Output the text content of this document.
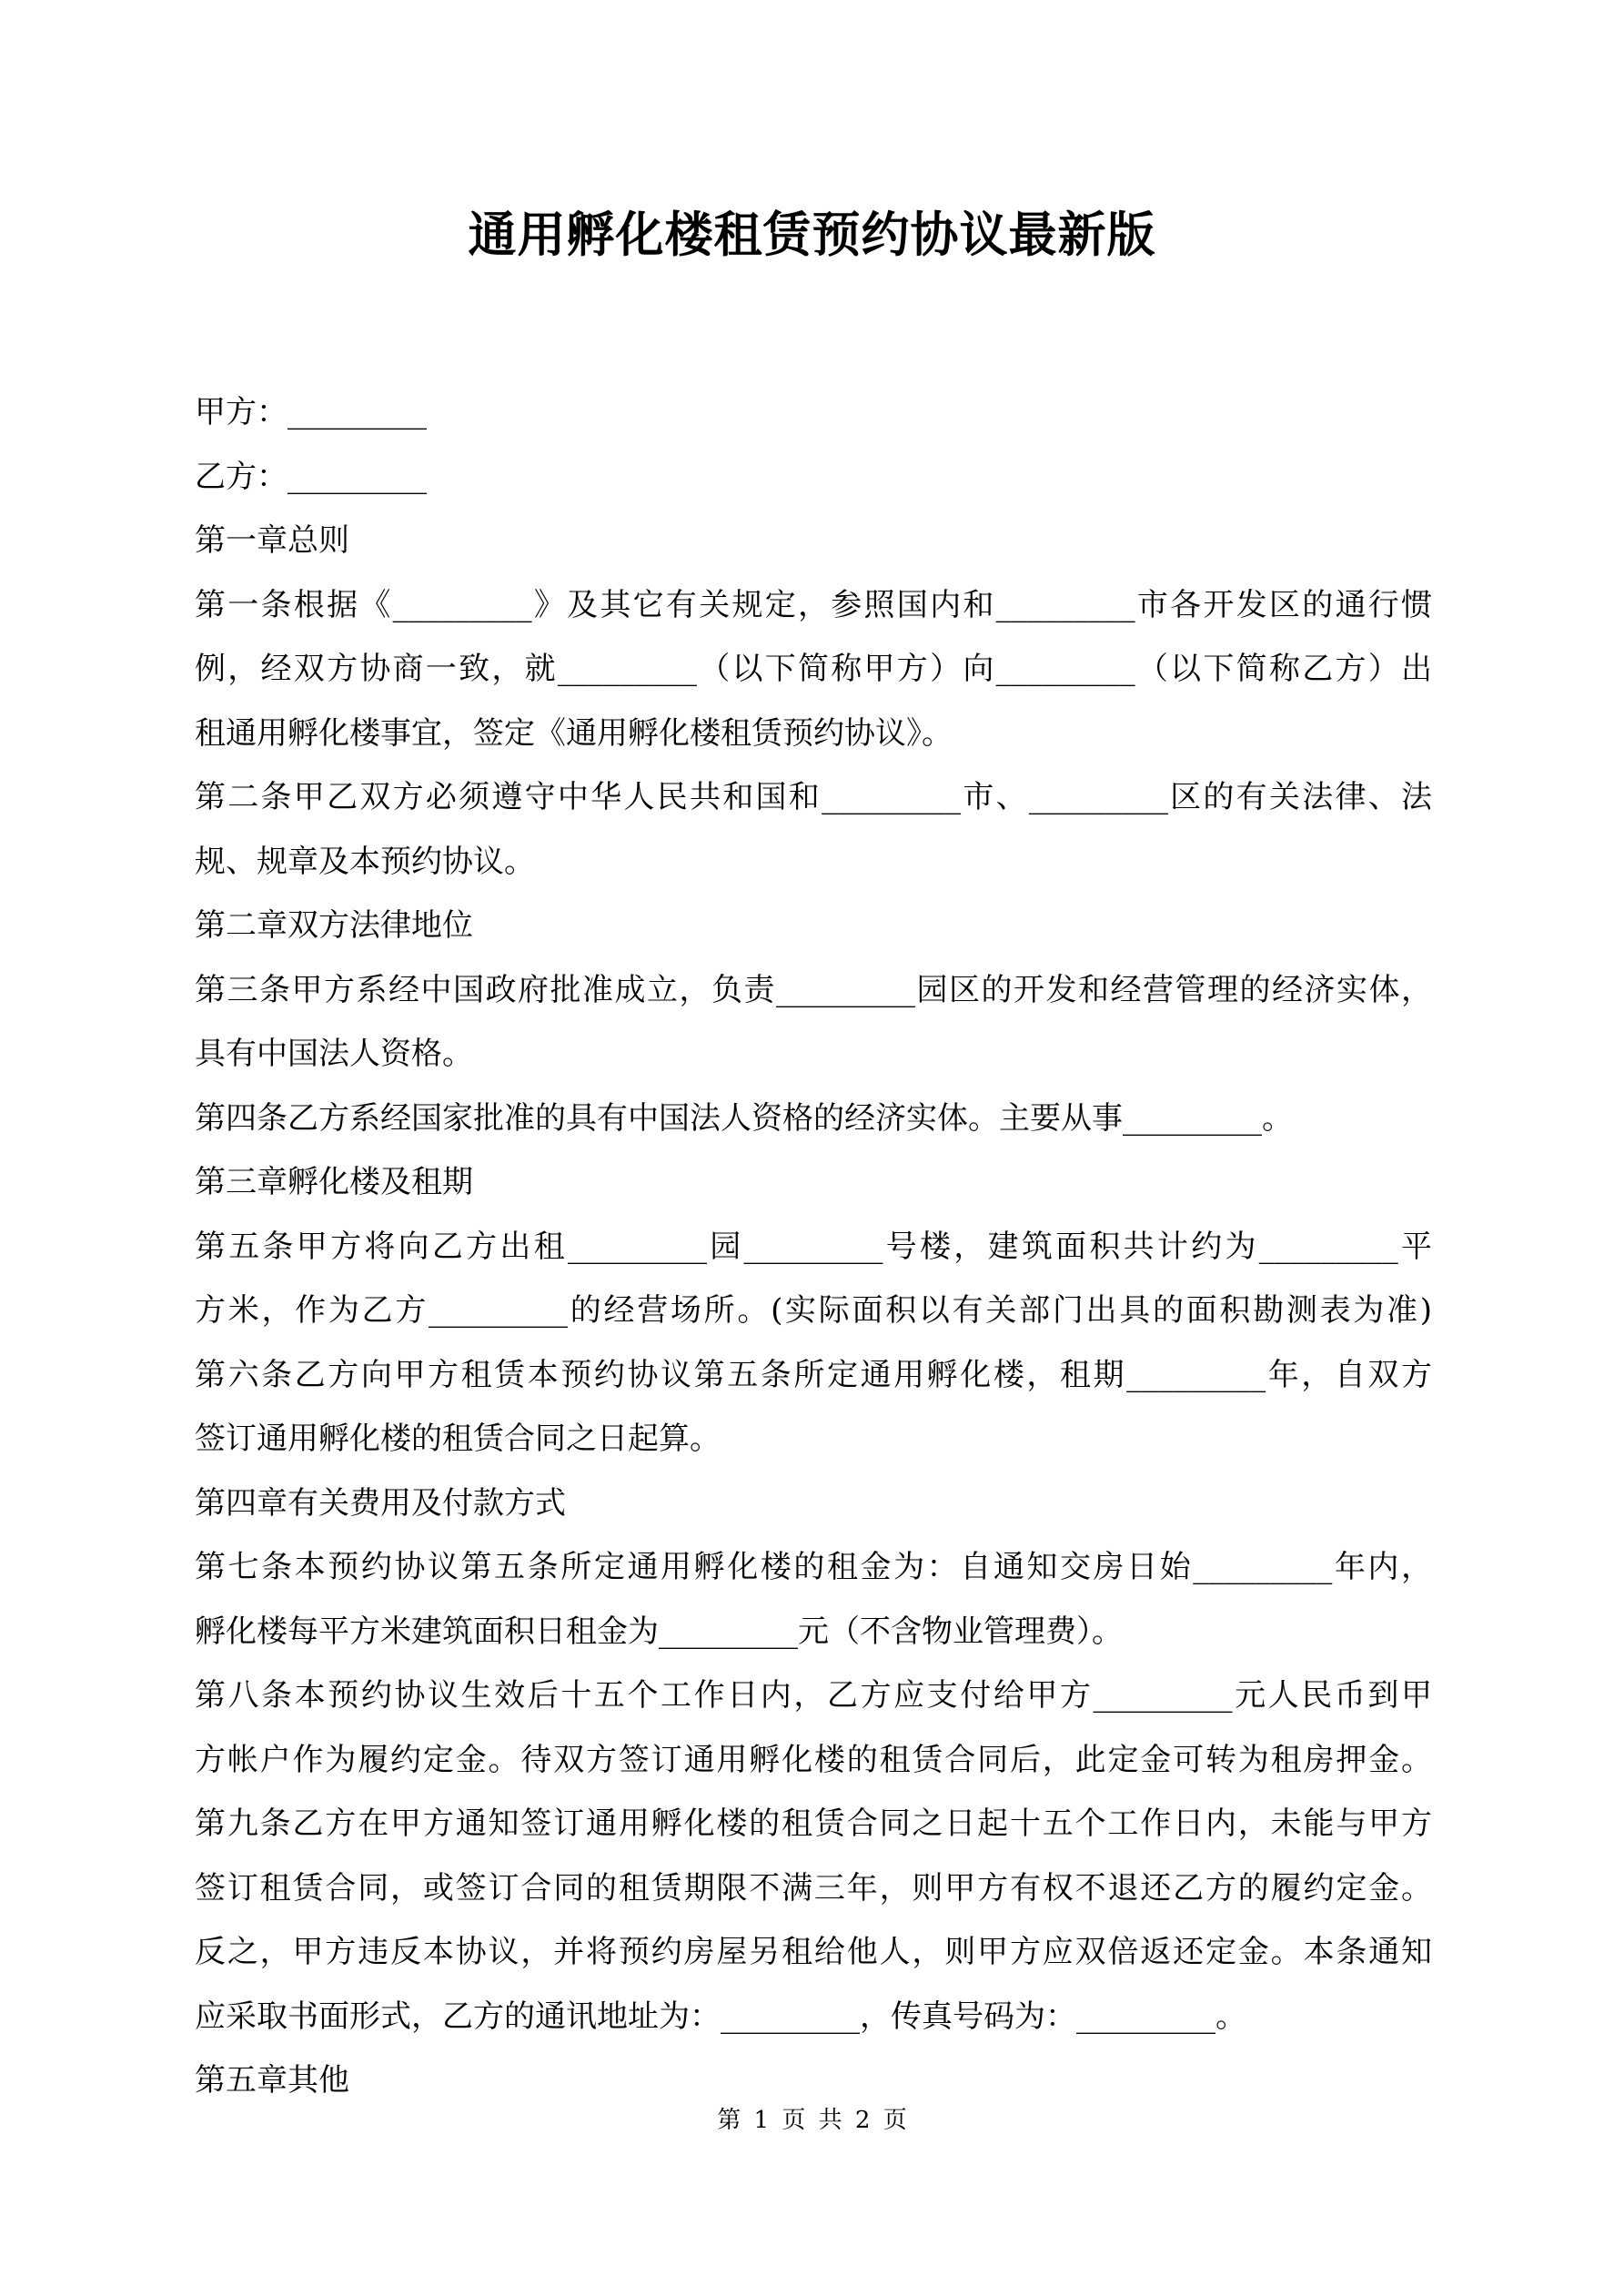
通用孵化楼租赁预约协议最新版
甲方：_________
乙方：_________
第一章总则
第一条根据《_________》及其它有关规定，参照国内和_________市各开发区的通行惯
例，经双方协商一致，就_________（以下简称甲方）向_________（以下简称乙方）出
租通用孵化楼事宜，签定《通用孵化楼租赁预约协议》。
第二条甲乙双方必须遵守中华人民共和国和_________市、_________区的有关法律、法
规、规章及本预约协议。
第二章双方法律地位
第三条甲方系经中国政府批准成立，负责_________园区的开发和经营管理的经济实体，
具有中国法人资格。
第四条乙方系经国家批准的具有中国法人资格的经济实体。主要从事_________。
第三章孵化楼及租期
第五条甲方将向乙方出租_________园_________号楼，建筑面积共计约为_________平
方米，作为乙方_________的经营场所。(实际面积以有关部门出具的面积勘测表为准)
第六条乙方向甲方租赁本预约协议第五条所定通用孵化楼，租期_________年，自双方
签订通用孵化楼的租赁合同之日起算。
第四章有关费用及付款方式
第七条本预约协议第五条所定通用孵化楼的租金为：自通知交房日始_________年内，
孵化楼每平方米建筑面积日租金为_________元（不含物业管理费）。
第八条本预约协议生效后十五个工作日内，乙方应支付给甲方_________元人民币到甲
方帐户作为履约定金。待双方签订通用孵化楼的租赁合同后，此定金可转为租房押金。
第九条乙方在甲方通知签订通用孵化楼的租赁合同之日起十五个工作日内，未能与甲方
签订租赁合同，或签订合同的租赁期限不满三年，则甲方有权不退还乙方的履约定金。
反之，甲方违反本协议，并将预约房屋另租给他人，则甲方应双倍返还定金。本条通知
应采取书面形式，乙方的通讯地址为：_________，传真号码为：_________。
第五章其他
第 1 页 共 2 页
